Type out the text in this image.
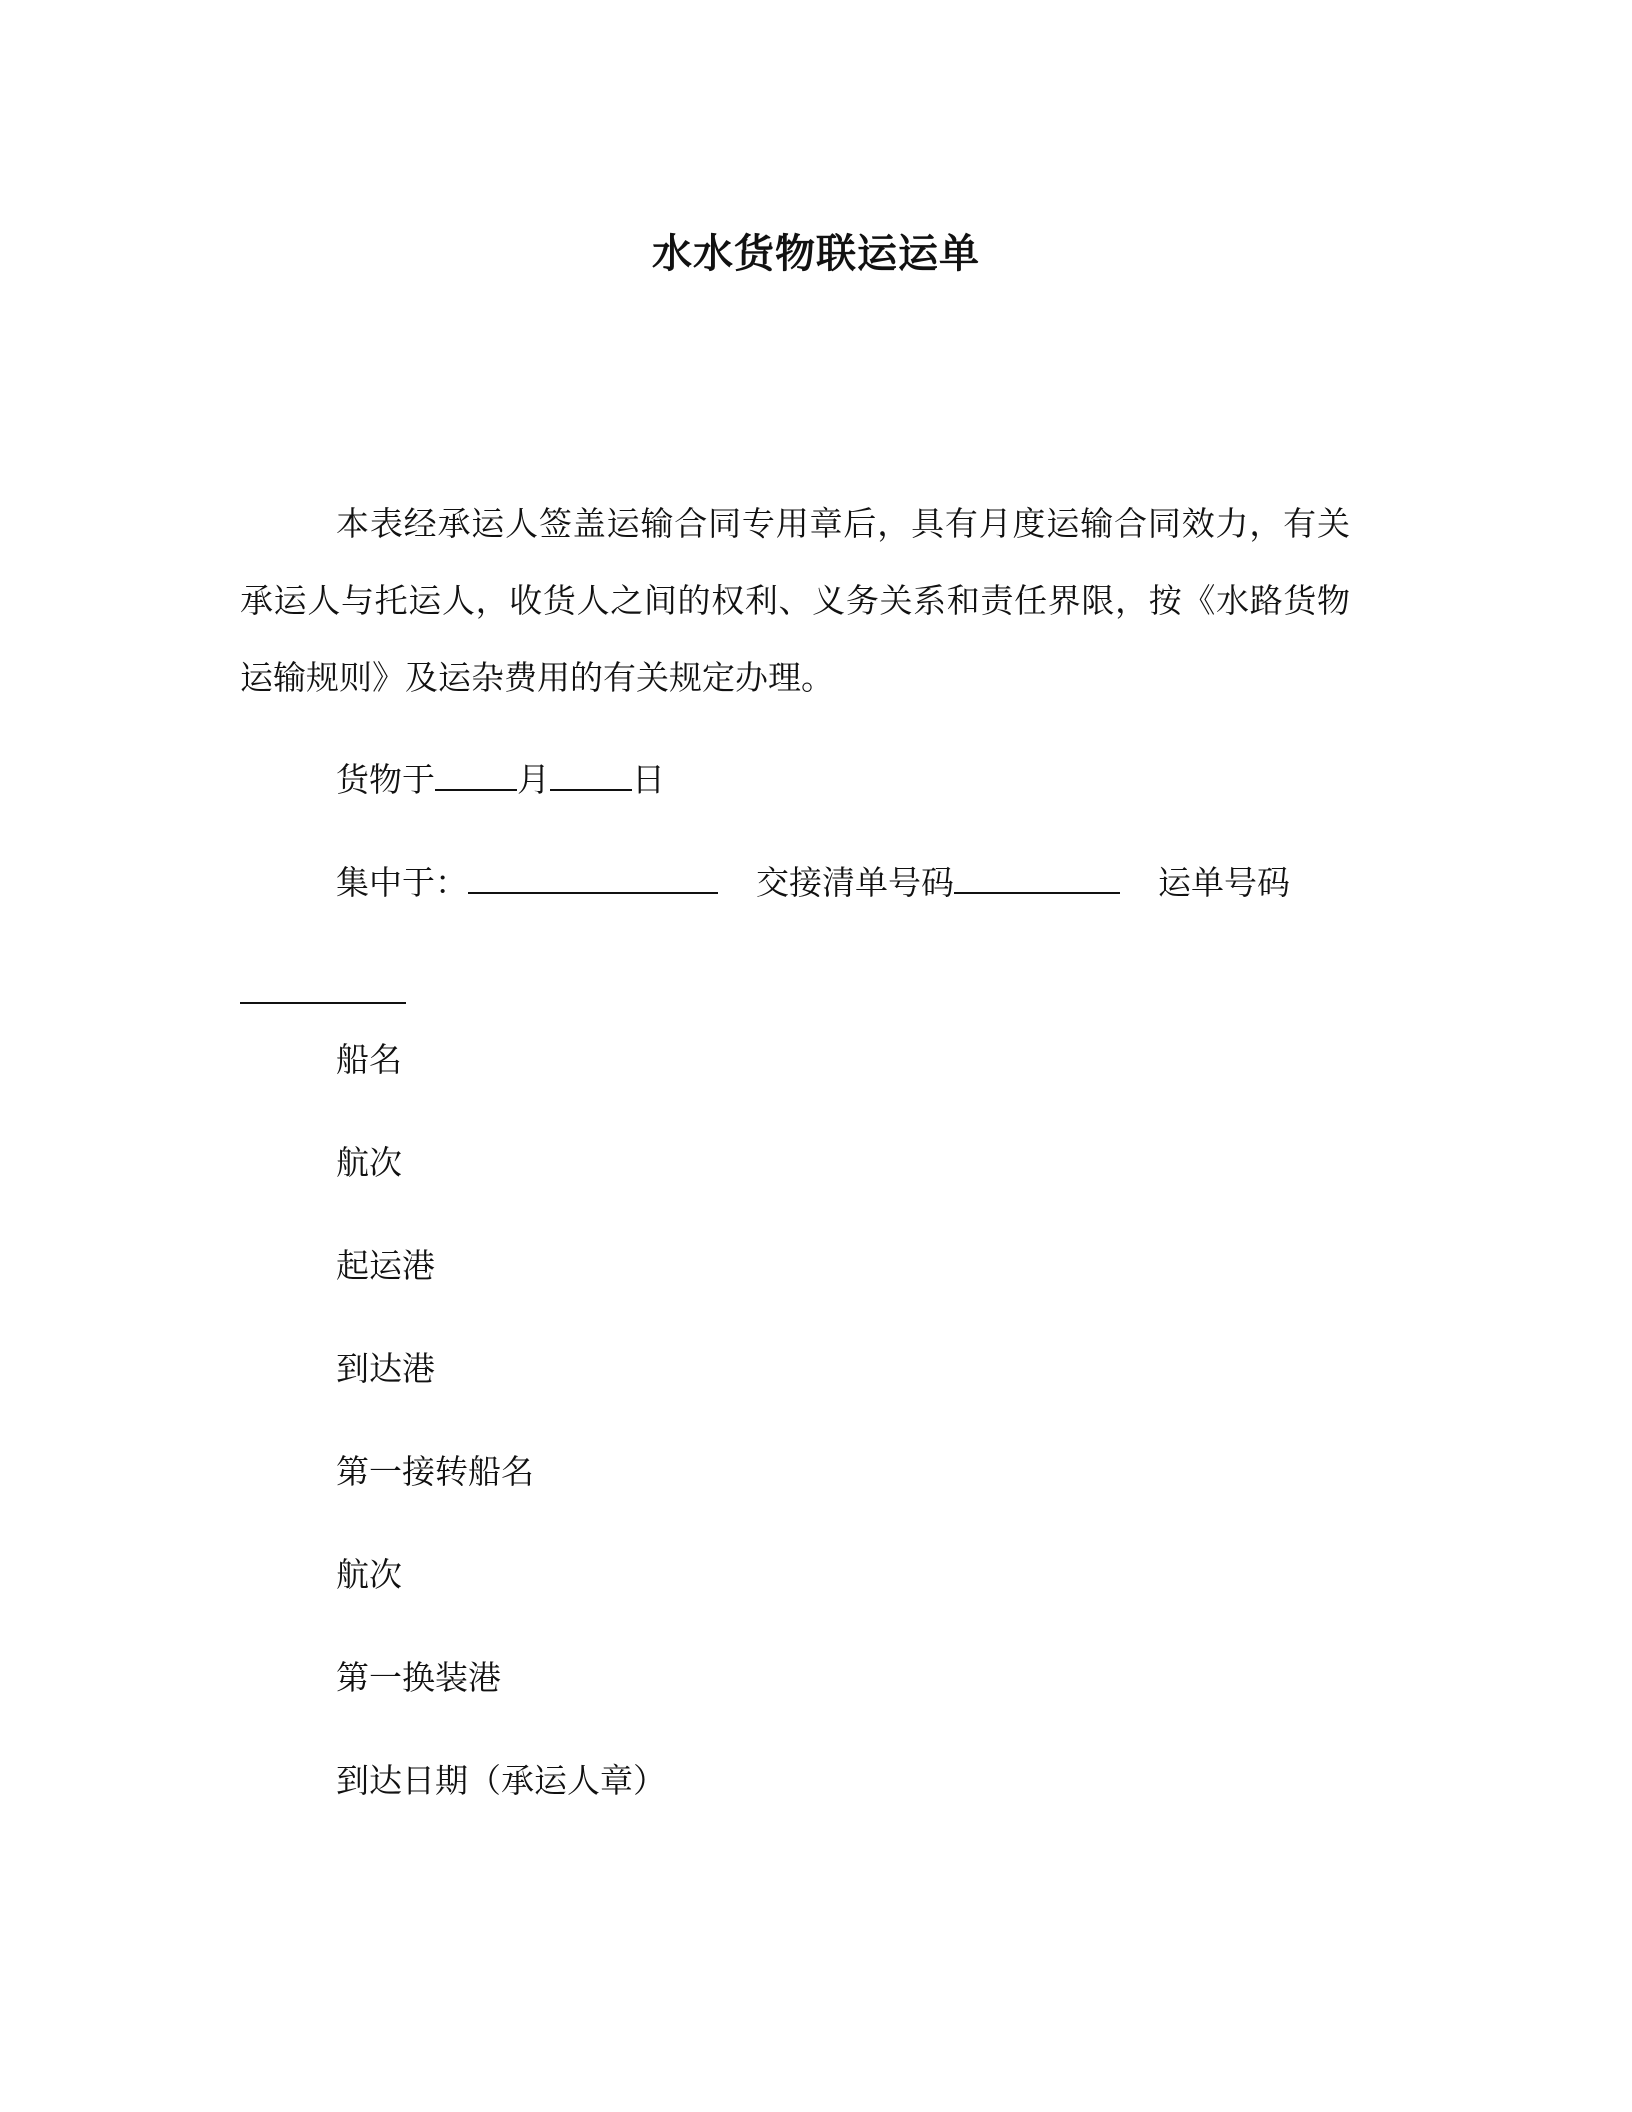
水水货物联运运单
本表经承运人签盖运输合同专用章后，具有月度运输合同效力，有关承运人与托运人，收货人之间的权利、义务关系和责任界限，按《水路货物运输规则》及运杂费用的有关规定办理。
货物于 月 日
集中于：	交接清单号码	运单号码
船名
航次
起运港
到达港
第一接转船名
航次
第一换装港
到达日期（承运人章）
